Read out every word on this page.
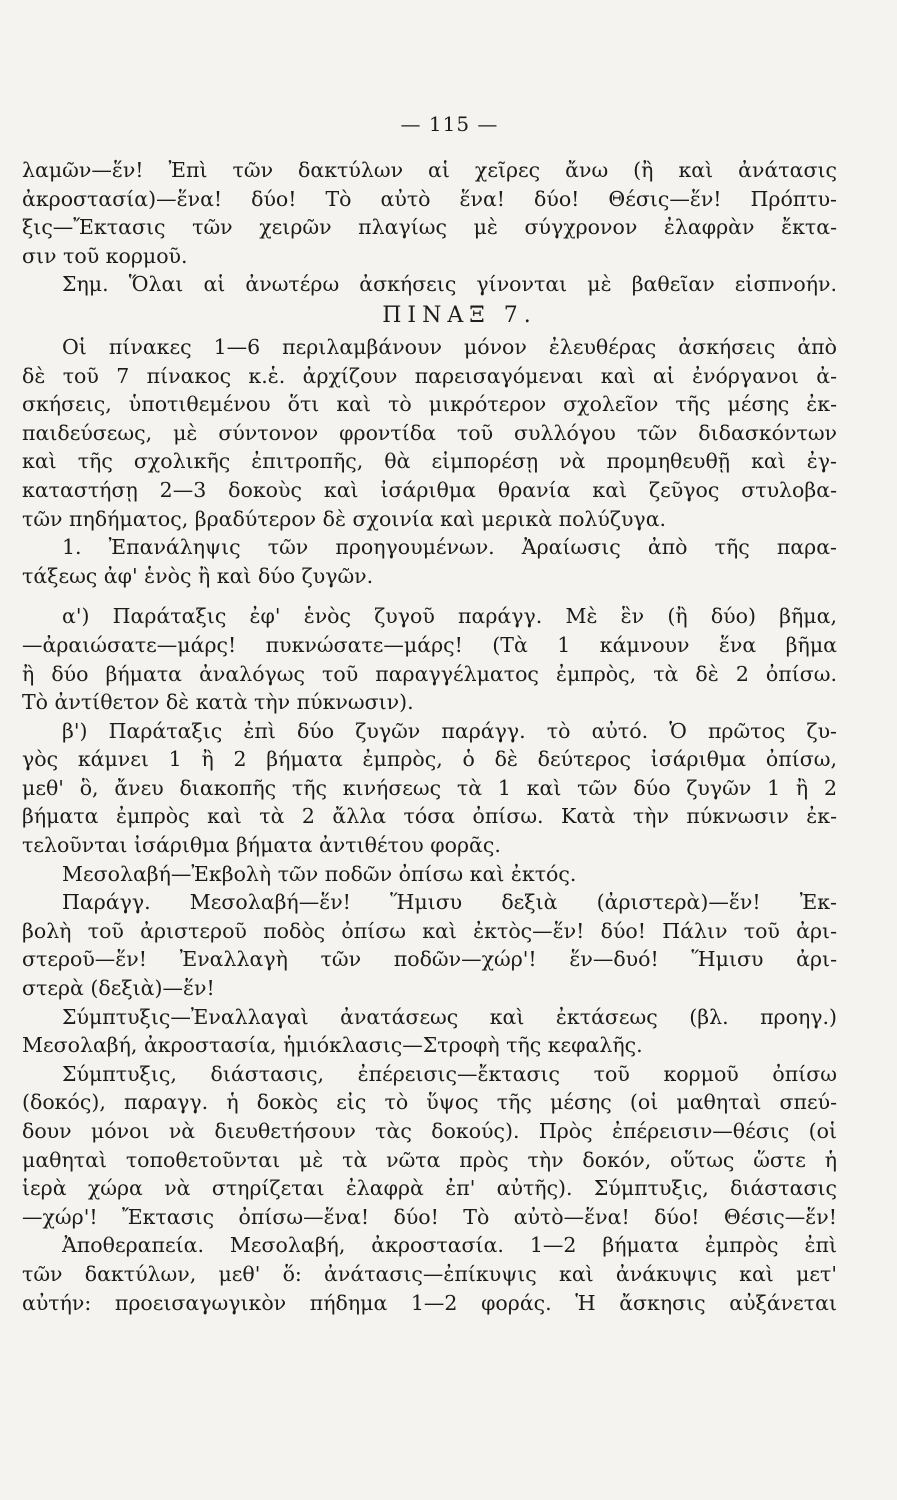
— 115 —
λαμῶν—ἕν! Ἐπὶ τῶν δακτύλων αἱ χεῖρες ἄνω (ἢ καὶ ἀνάτασις
ἀκροστασία)—ἕνα! δύο! Τὸ αὐτὸ ἕνα! δύο! Θέσις—ἕν! Πρόπτυ-
ξις—Ἔκτασις τῶν χειρῶν πλαγίως μὲ σύγχρονον ἐλαφρὰν ἔκτα-
σιν τοῦ κορμοῦ.
Σημ. Ὅλαι αἱ ἀνωτέρω ἀσκήσεις γίνονται μὲ βαθεῖαν εἰσπνοήν.
ΠΙΝΑΞ 7.
Οἱ πίνακες 1—6 περιλαμβάνουν μόνον ἐλευθέρας ἀσκήσεις ἀπὸ
δὲ τοῦ 7 πίνακος κ.ἑ. ἀρχίζουν παρεισαγόμεναι καὶ αἱ ἐνόργανοι ἀ-
σκήσεις, ὑποτιθεμένου ὅτι καὶ τὸ μικρότερον σχολεῖον τῆς μέσης ἐκ-
παιδεύσεως, μὲ σύντονον φροντίδα τοῦ συλλόγου τῶν διδασκόντων
καὶ τῆς σχολικῆς ἐπιτροπῆς, θὰ εἰμπορέσῃ νὰ προμηθευθῇ καὶ ἐγ-
καταστήσῃ 2—3 δοκοὺς καὶ ἰσάριθμα θρανία καὶ ζεῦγος στυλοβα-
τῶν πηδήματος, βραδύτερον δὲ σχοινία καὶ μερικὰ πολύζυγα.
1. Ἐπανάληψις τῶν προηγουμένων. Ἀραίωσις ἀπὸ τῆς παρα-
τάξεως ἀφ' ἑνὸς ἢ καὶ δύο ζυγῶν.
α') Παράταξις ἐφ' ἑνὸς ζυγοῦ παράγγ. Μὲ ἓν (ἢ δύο) βῆμα,
—ἀραιώσατε—μάρς! πυκνώσατε—μάρς! (Τὰ 1 κάμνουν ἕνα βῆμα
ἢ δύο βήματα ἀναλόγως τοῦ παραγγέλματος ἐμπρὸς, τὰ δὲ 2 ὀπίσω.
Τὸ ἀντίθετον δὲ κατὰ τὴν πύκνωσιν).
β') Παράταξις ἐπὶ δύο ζυγῶν παράγγ. τὸ αὐτό. Ὁ πρῶτος ζυ-
γὸς κάμνει 1 ἢ 2 βήματα ἐμπρὸς, ὁ δὲ δεύτερος ἰσάριθμα ὀπίσω,
μεθ' ὃ, ἄνευ διακοπῆς τῆς κινήσεως τὰ 1 καὶ τῶν δύο ζυγῶν 1 ἢ 2
βήματα ἐμπρὸς καὶ τὰ 2 ἄλλα τόσα ὀπίσω. Κατὰ τὴν πύκνωσιν ἐκ-
τελοῦνται ἰσάριθμα βήματα ἀντιθέτου φορᾶς.
Μεσολαβή—Ἐκβολὴ τῶν ποδῶν ὀπίσω καὶ ἐκτός.
Παράγγ. Μεσολαβή—ἕν! Ἥμισυ δεξιὰ (ἀριστερὰ)—ἕν! Ἐκ-
βολὴ τοῦ ἀριστεροῦ ποδὸς ὀπίσω καὶ ἐκτὸς—ἕν! δύο! Πάλιν τοῦ ἀρι-
στεροῦ—ἕν! Ἐναλλαγὴ τῶν ποδῶν—χώρ'! ἕν—δυό! Ἥμισυ ἀρι-
στερὰ (δεξιὰ)—ἕν!
Σύμπτυξις—Ἐναλλαγαὶ ἀνατάσεως καὶ ἐκτάσεως (βλ. προηγ.)
Μεσολαβή, ἀκροστασία, ἡμιόκλασις—Στροφὴ τῆς κεφαλῆς.
Σύμπτυξις, διάστασις, ἐπέρεισις—ἔκτασις τοῦ κορμοῦ ὀπίσω
(δοκός), παραγγ. ἡ δοκὸς εἰς τὸ ὕψος τῆς μέσης (οἱ μαθηταὶ σπεύ-
δουν μόνοι νὰ διευθετήσουν τὰς δοκούς). Πρὸς ἐπέρεισιν—θέσις (οἱ
μαθηταὶ τοποθετοῦνται μὲ τὰ νῶτα πρὸς τὴν δοκόν, οὕτως ὥστε ἡ
ἱερὰ χώρα νὰ στηρίζεται ἐλαφρὰ ἐπ' αὐτῆς). Σύμπτυξις, διάστασις
—χώρ'! Ἔκτασις ὀπίσω—ἕνα! δύο! Τὸ αὐτὸ—ἕνα! δύο! Θέσις—ἕν!
Ἀποθεραπεία. Μεσολαβή, ἀκροστασία. 1—2 βήματα ἐμπρὸς ἐπὶ
τῶν δακτύλων, μεθ' ὅ: ἀνάτασις—ἐπίκυψις καὶ ἀνάκυψις καὶ μετ'
αὐτήν: προεισαγωγικὸν πήδημα 1—2 φοράς. Ἡ ἄσκησις αὐξάνεται
